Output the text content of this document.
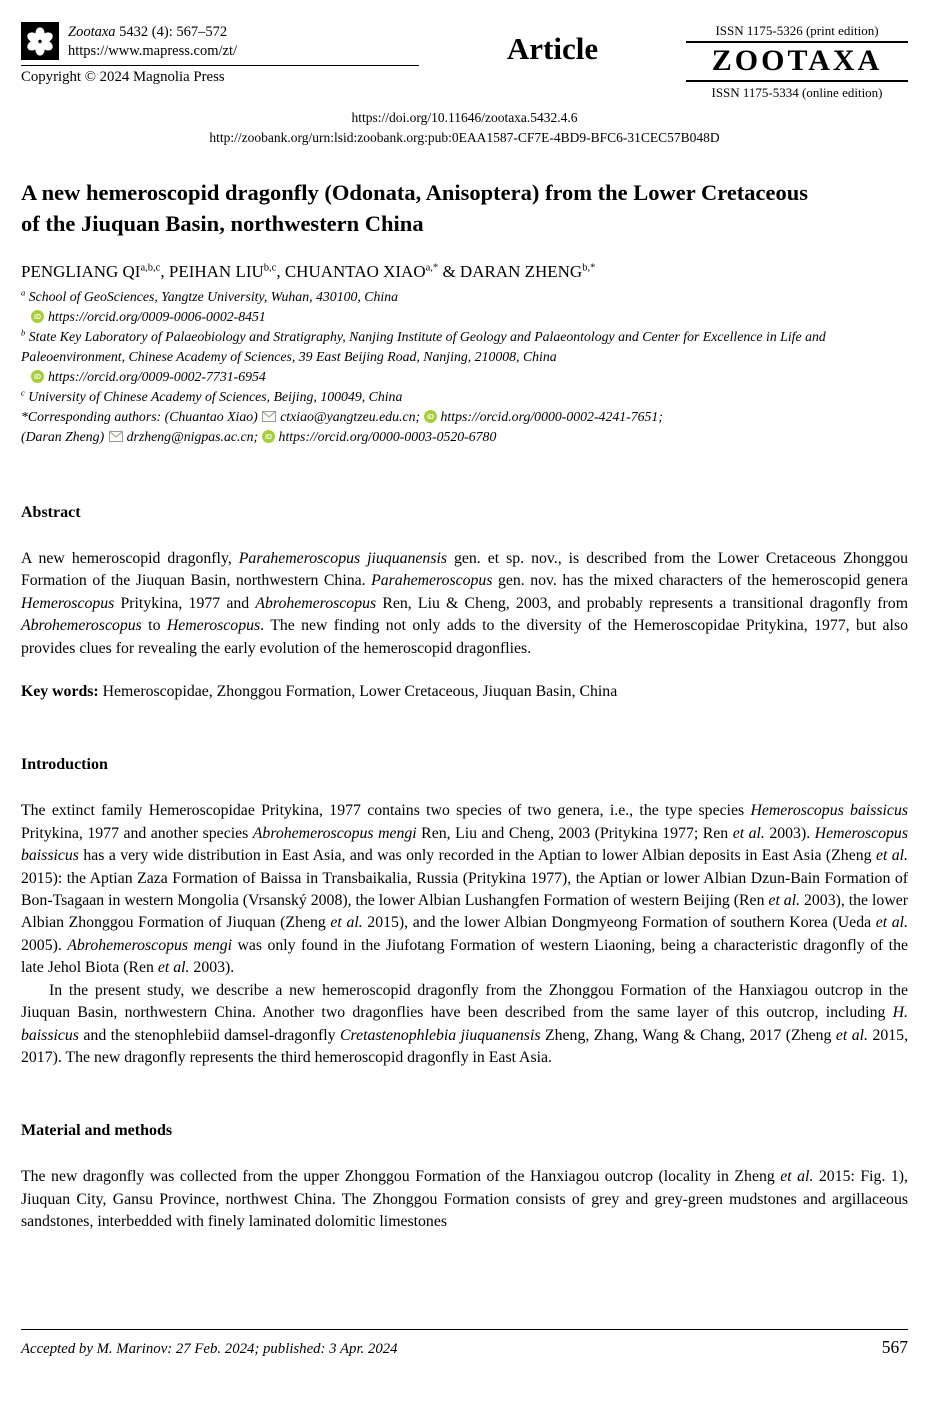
Zootaxa 5432 (4): 567–572
https://www.mapress.com/zt/
Copyright © 2024 Magnolia Press
Article
ISSN 1175-5326 (print edition)
ZOOTAXA
ISSN 1175-5334 (online edition)
https://doi.org/10.11646/zootaxa.5432.4.6
http://zoobank.org/urn:lsid:zoobank.org:pub:0EAA1587-CF7E-4BD9-BFC6-31CEC57B048D
A new hemeroscopid dragonfly (Odonata, Anisoptera) from the Lower Cretaceous of the Jiuquan Basin, northwestern China
PENGLIANG QI$^{a,b,c}$, PEIHAN LIU$^{b,c}$, CHUANTAO $XIAO^{a,*}$ & DARAN $ZHENG^{b,*}$
$^a$ School of GeoSciences, Yangtze University, Wuhan, 430100, China
iD https://orcid.org/0009-0006-0002-8451
$^b$ State Key Laboratory of Palaeobiology and Stratigraphy, Nanjing Institute of Geology and Palaeontology and Center for Excellence in Life and Paleoenvironment, Chinese Academy of Sciences, 39 East Beijing Road, Nanjing, 210008, China
iD https://orcid.org/0009-0002-7731-6954
$^c$ University of Chinese Academy of Sciences, Beijing, 100049, China
*Corresponding authors: (Chuantao Xiao) ctxiao@yangtzeu.edu.cn; iD https://orcid.org/0000-0002-4241-7651;
(Daran Zheng) drzheng@nigpas.ac.cn; iD https://orcid.org/0000-0003-0520-6780
Abstract
A new hemeroscopid dragonfly, Parahemeroscopus jiuquanensis gen. et sp. nov., is described from the Lower Cretaceous Zhonggou Formation of the Jiuquan Basin, northwestern China. Parahemeroscopus gen. nov. has the mixed characters of the hemeroscopid genera Hemeroscopus Pritykina, 1977 and Abrohemeroscopus Ren, Liu & Cheng, 2003, and probably represents a transitional dragonfly from Abrohemeroscopus to Hemeroscopus. The new finding not only adds to the diversity of the Hemeroscopidae Pritykina, 1977, but also provides clues for revealing the early evolution of the hemeroscopid dragonflies.
Key words: Hemeroscopidae, Zhonggou Formation, Lower Cretaceous, Jiuquan Basin, China
Introduction
The extinct family Hemeroscopidae Pritykina, 1977 contains two species of two genera, i.e., the type species Hemeroscopus baissicus Pritykina, 1977 and another species Abrohemeroscopus mengi Ren, Liu and Cheng, 2003 (Pritykina 1977; Ren et al. 2003). Hemeroscopus baissicus has a very wide distribution in East Asia, and was only recorded in the Aptian to lower Albian deposits in East Asia (Zheng et al. 2015): the Aptian Zaza Formation of Baissa in Transbaikalia, Russia (Pritykina 1977), the Aptian or lower Albian Dzun-Bain Formation of Bon-Tsagaan in western Mongolia (Vrsanský 2008), the lower Albian Lushangfen Formation of western Beijing (Ren et al. 2003), the lower Albian Zhonggou Formation of Jiuquan (Zheng et al. 2015), and the lower Albian Dongmyeong Formation of southern Korea (Ueda et al. 2005). Abrohemeroscopus mengi was only found in the Jiufotang Formation of western Liaoning, being a characteristic dragonfly of the late Jehol Biota (Ren et al. 2003).
In the present study, we describe a new hemeroscopid dragonfly from the Zhonggou Formation of the Hanxiagou outcrop in the Jiuquan Basin, northwestern China. Another two dragonflies have been described from the same layer of this outcrop, including H. baissicus and the stenophlebiid damsel-dragonfly Cretastenophlebia jiuquanensis Zheng, Zhang, Wang & Chang, 2017 (Zheng et al. 2015, 2017). The new dragonfly represents the third hemeroscopid dragonfly in East Asia.
Material and methods
The new dragonfly was collected from the upper Zhonggou Formation of the Hanxiagou outcrop (locality in Zheng et al. 2015: Fig. 1), Jiuquan City, Gansu Province, northwest China. The Zhonggou Formation consists of grey and grey-green mudstones and argillaceous sandstones, interbedded with finely laminated dolomitic limestones
Accepted by M. Marinov: 27 Feb. 2024; published: 3 Apr. 2024	567
